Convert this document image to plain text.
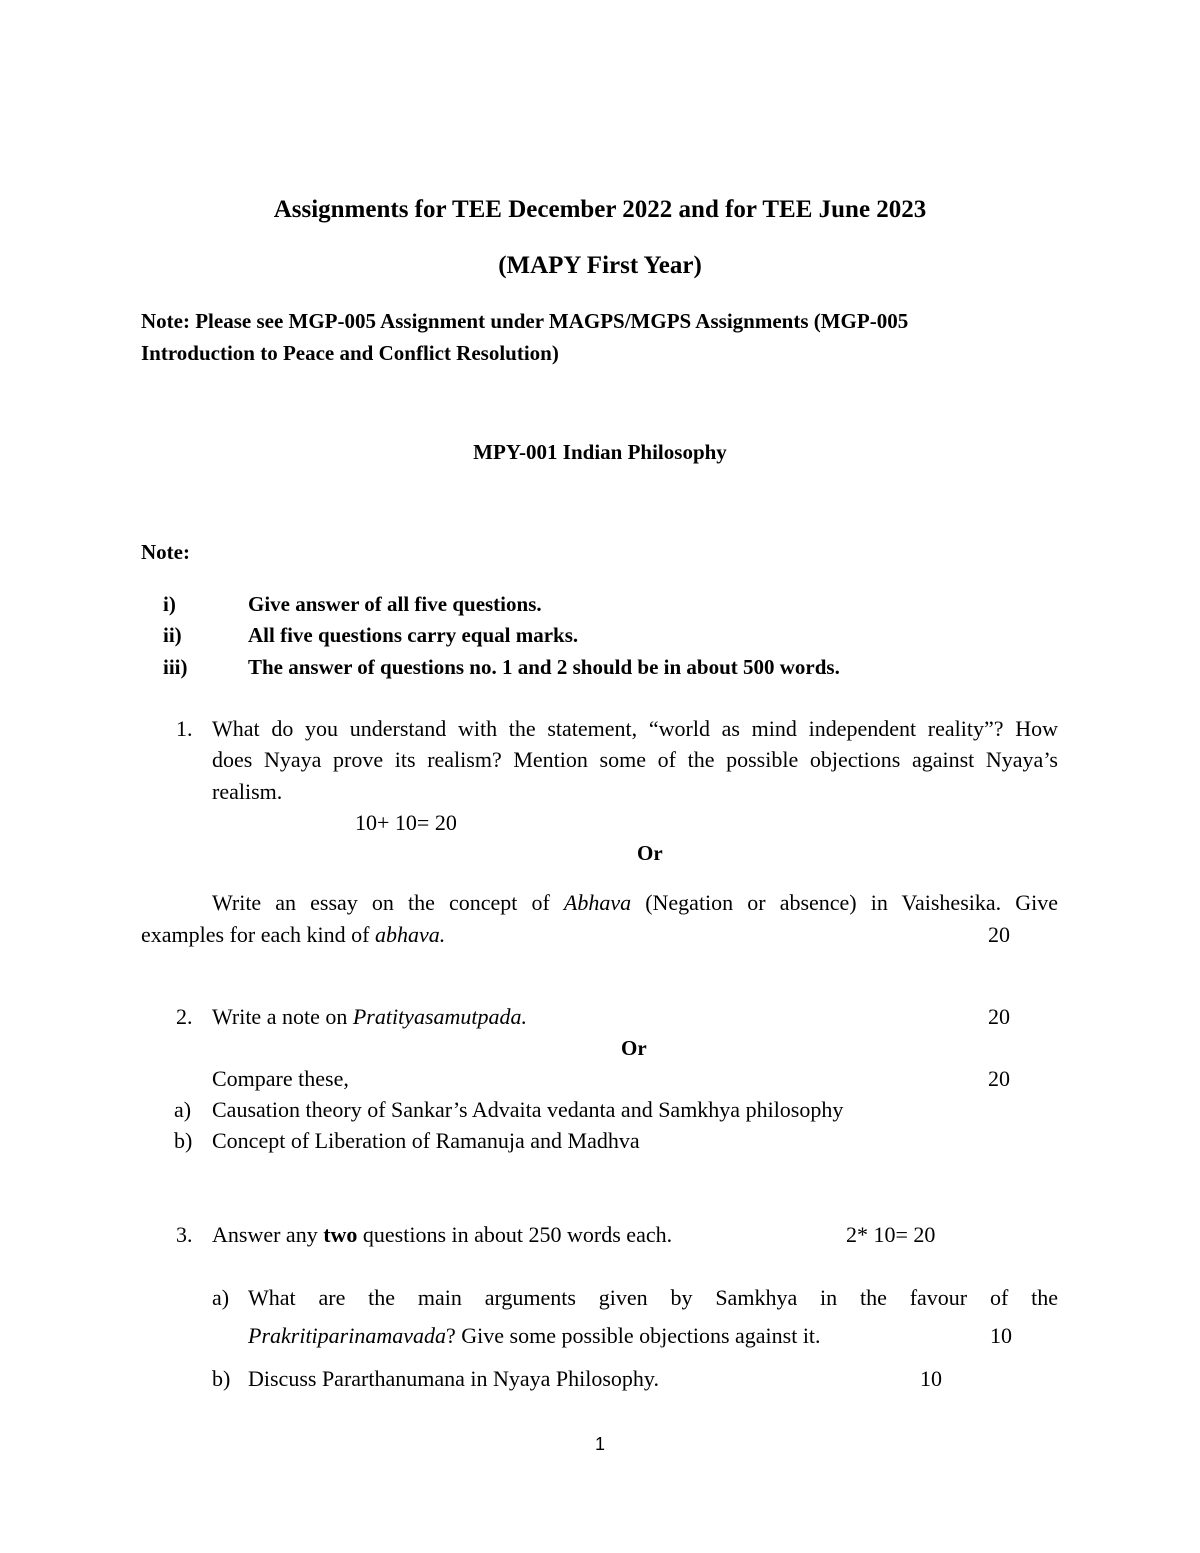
Assignments for TEE December 2022 and for TEE June 2023
(MAPY First Year)
Note: Please see MGP-005 Assignment under MAGPS/MGPS Assignments (MGP-005
Introduction to Peace and Conflict Resolution)
MPY-001 Indian Philosophy
Note:
i)	Give answer of all five questions.
ii)	All five questions carry equal marks.
iii)	The answer of questions no. 1 and 2 should be in about 500 words.
1. What do you understand with the statement, “world as mind independent reality”? How
does Nyaya prove its realism? Mention some of the possible objections against Nyaya’s
realism.
10+ 10= 20
Or
Write an essay on the concept of Abhava (Negation or absence) in Vaishesika. Give
examples for each kind of abhava.	20
2. Write a note on Pratityasamutpada.	20
Or
Compare these,	20
a) Causation theory of Sankar’s Advaita vedanta and Samkhya philosophy
b) Concept of Liberation of Ramanuja and Madhva
3. Answer any two questions in about 250 words each.	2* 10= 20
a) What are the main arguments given by Samkhya in the favour of the
Prakritiparinamavada? Give some possible objections against it.	10
b) Discuss Pararthanumana in Nyaya Philosophy.	10
1
